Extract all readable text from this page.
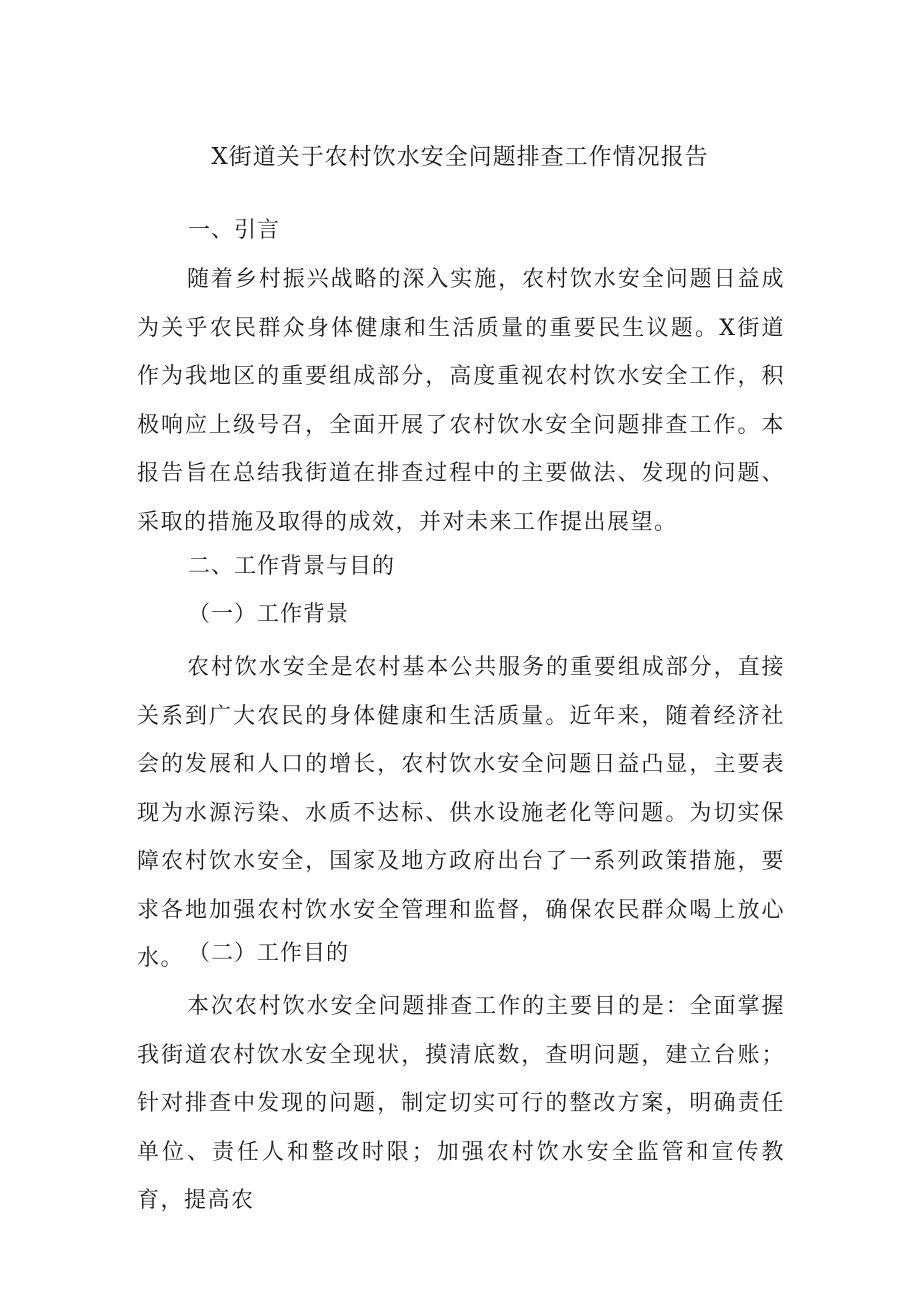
X街道关于农村饮水安全问题排查工作情况报告
一、引言
随着乡村振兴战略的深入实施，农村饮水安全问题日益成为关乎农民群众身体健康和生活质量的重要民生议题。X街道作为我地区的重要组成部分，高度重视农村饮水安全工作，积极响应上级号召，全面开展了农村饮水安全问题排查工作。本报告旨在总结我街道在排查过程中的主要做法、发现的问题、采取的措施及取得的成效，并对未来工作提出展望。
二、工作背景与目的
（一）工作背景
农村饮水安全是农村基本公共服务的重要组成部分，直接关系到广大农民的身体健康和生活质量。近年来，随着经济社会的发展和人口的增长，农村饮水安全问题日益凸显，主要表现为水源污染、水质不达标、供水设施老化等问题。为切实保障农村饮水安全，国家及地方政府出台了一系列政策措施，要求各地加强农村饮水安全管理和监督，确保农民群众喝上放心水。 （二）工作目的
本次农村饮水安全问题排查工作的主要目的是：全面掌握我街道农村饮水安全现状，摸清底数，查明问题，建立台账；针对排查中发现的问题，制定切实可行的整改方案，明确责任单位、责任人和整改时限；加强农村饮水安全监管和宣传教育，提高农
